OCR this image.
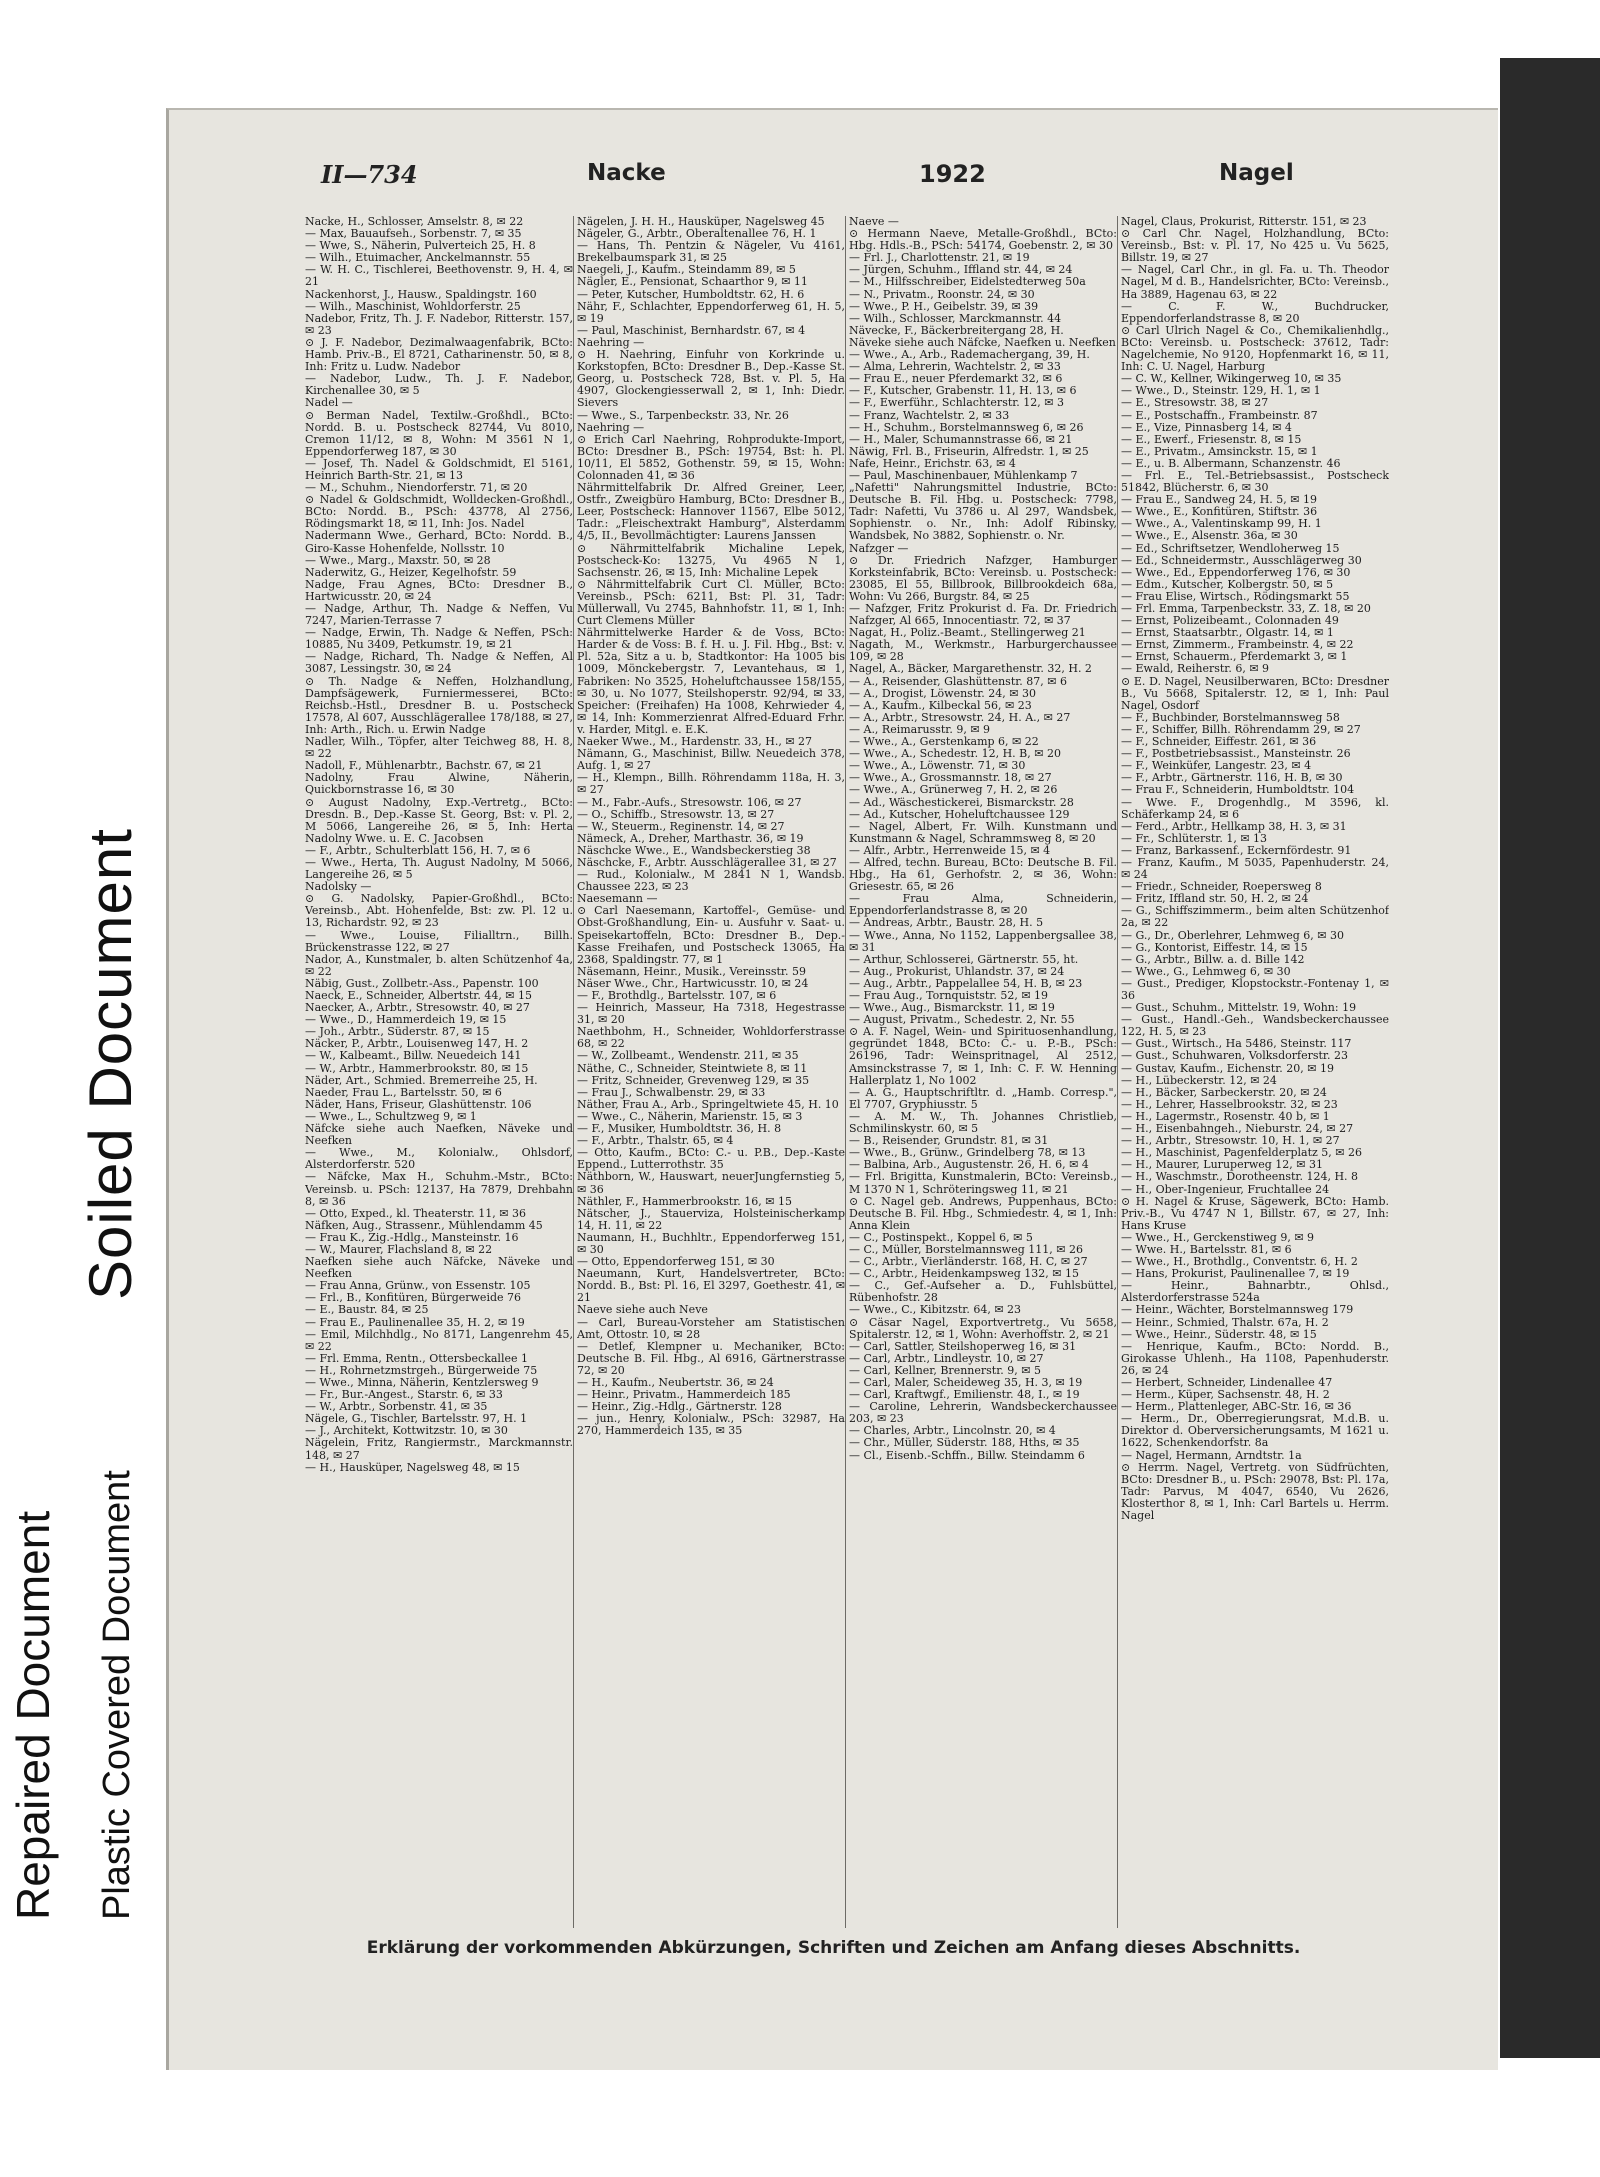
Soiled Document
Repaired Document Plastic Covered Document
II—734	Nacke	1922	Nagel
Nacke, H., Schlosser, Amselstr. 8, ✉ 22
— Max, Bauaufseh., Sorbenstr. 7, ✉ 35
— Wwe, S., Näherin, Pulverteich 25, H. 8
— Wilh., Etuimacher, Anckelmannstr. 55
— W. H. C., Tischlerei, Beethovenstr. 9, H. 4, ✉ 21
Nackenhorst, J., Hausw., Spaldingstr. 160
— Wilh., Maschinist, Wohldorferstr. 25
Nadebor, Fritz, Th. J. F. Nadebor, Ritterstr. 157, ✉ 23
⊙ J. F. Nadebor, Dezimalwaagenfabrik, BCto: Hamb. Priv.-B., El 8721, Catharinenstr. 50, ✉ 8, Inh: Fritz u. Ludw. Nadebor
— Nadebor, Ludw., Th. J. F. Nadebor, Kirchenallee 30, ✉ 5
Nadel —
⊙ Berman Nadel, Textilw.-Großhdl., BCto: Nordd. B. u. Postscheck 82744, Vu 8010, Cremon 11/12, ✉ 8, Wohn: M 3561 N 1, Eppendorferweg 187, ✉ 30
— Josef, Th. Nadel & Goldschmidt, El 5161, Heinrich Barth-Str. 21, ✉ 13
— M., Schuhm., Niendorferstr. 71, ✉ 20
⊙ Nadel & Goldschmidt, Wolldecken-Großhdl., BCto: Nordd. B., PSch: 43778, Al 2756, Rödingsmarkt 18, ✉ 11, Inh: Jos. Nadel
Nadermann Wwe., Gerhard, BCto: Nordd. B., Giro-Kasse Hohenfelde, Nollsstr. 10
— Wwe., Marg., Maxstr. 50, ✉ 28
Naderwitz, G., Heizer, Kegelhofstr. 59
Nadge, Frau Agnes, BCto: Dresdner B., Hartwicusstr. 20, ✉ 24
— Nadge, Arthur, Th. Nadge & Neffen, Vu 7247, Marien-Terrasse 7
— Nadge, Erwin, Th. Nadge & Neffen, PSch: 10885, Nu 3409, Petkumstr. 19, ✉ 21
— Nadge, Richard, Th. Nadge & Neffen, Al 3087, Lessingstr. 30, ✉ 24
⊙ Th. Nadge & Neffen, Holzhandlung, Dampfsägewerk, Furniermesserei, BCto: Reichsb.-Hstl., Dresdner B. u. Postscheck 17578, Al 607, Ausschlägerallee 178/188, ✉ 27, Inh: Arth., Rich. u. Erwin Nadge
Nadler, Wilh., Töpfer, alter Teichweg 88, H. 8, ✉ 22
Nadoll, F., Mühlenarbtr., Bachstr. 67, ✉ 21
Nadolny, Frau Alwine, Näherin, Quickbornstrasse 16, ✉ 30
⊙ August Nadolny, Exp.-Vertretg., BCto: Dresdn. B., Dep.-Kasse St. Georg, Bst: v. Pl. 2, M 5066, Langereihe 26, ✉ 5, Inh: Herta Nadolny Wwe. u. E. C. Jacobsen
— F., Arbtr., Schulterblatt 156, H. 7, ✉ 6
— Wwe., Herta, Th. August Nadolny, M 5066, Langereihe 26, ✉ 5
Nadolsky —
⊙ G. Nadolsky, Papier-Großhdl., BCto: Vereinsb., Abt. Hohenfelde, Bst: zw. Pl. 12 u. 13, Richardstr. 92, ✉ 23
— Wwe., Louise, Filialltrn., Billh. Brückenstrasse 122, ✉ 27
Nador, A., Kunstmaler, b. alten Schützenhof 4a, ✉ 22
Näbig, Gust., Zollbetr.-Ass., Papenstr. 100
Naeck, E., Schneider, Albertstr. 44, ✉ 15
Naecker, A., Arbtr., Stresowstr. 40, ✉ 27
— Wwe., D., Hammerdeich 19, ✉ 15
— Joh., Arbtr., Süderstr. 87, ✉ 15
Näcker, P., Arbtr., Louisenweg 147, H. 2
— W., Kalbeamt., Billw. Neuedeich 141
— W., Arbtr., Hammerbrookstr. 80, ✉ 15
Näder, Art., Schmied. Bremerreihe 25, H.
Naeder, Frau L., Bartelsstr. 50, ✉ 6
Näder, Hans, Friseur, Glashüttenstr. 106
— Wwe., L., Schultzweg 9, ✉ 1
Näfcke siehe auch Naefken, Näveke und Neefken
— Wwe., M., Kolonialw., Ohlsdorf, Alsterdorferstr. 520
— Näfcke, Max H., Schuhm.-Mstr., BCto: Vereinsb. u. PSch: 12137, Ha 7879, Drehbahn 8, ✉ 36
— Otto, Exped., kl. Theaterstr. 11, ✉ 36
Näfken, Aug., Strassenr., Mühlendamm 45
— Frau K., Zig.-Hdlg., Mansteinstr. 16
— W., Maurer, Flachsland 8, ✉ 22
Naefken siehe auch Näfcke, Näveke und Neefken
— Frau Anna, Grünw., von Essenstr. 105
— Frl., B., Konfitüren, Bürgerweide 76
— E., Baustr. 84, ✉ 25
— Frau E., Paulinenallee 35, H. 2, ✉ 19
— Emil, Milchhdlg., No 8171, Langenrehm 45, ✉ 22
— Frl. Emma, Rentn., Ottersbeckallee 1
— H., Rohrnetzmstrgeh., Bürgerweide 75
— Wwe., Minna, Näherin, Kentzlersweg 9
— Fr., Bur.-Angest., Starstr. 6, ✉ 33
— W., Arbtr., Sorbenstr. 41, ✉ 35
Nägele, G., Tischler, Bartelsstr. 97, H. 1
— J., Architekt, Kottwitzstr. 10, ✉ 30
Nägelein, Fritz, Rangiermstr., Marckmannstr. 148, ✉ 27
— H., Hausküper, Nagelsweg 48, ✉ 15
Nägelen, J. H. H., Hausküper, Nagelsweg 45
Nägeler, G., Arbtr., Oberaltenallee 76, H. 1
— Hans, Th. Pentzin & Nägeler, Vu 4161, Brekelbaumspark 31, ✉ 25
Naegeli, J., Kaufm., Steindamm 89, ✉ 5
Nägler, E., Pensionat, Schaarthor 9, ✉ 11
— Peter, Kutscher, Humboldtstr. 62, H. 6
Nähr, F., Schlachter, Eppendorferweg 61, H. 5, ✉ 19
— Paul, Maschinist, Bernhardstr. 67, ✉ 4
Naehring —
⊙ H. Naehring, Einfuhr von Korkrinde u. Korkstopfen, BCto: Dresdner B., Dep.-Kasse St. Georg, u. Postscheck 728, Bst. v. Pl. 5, Ha 4907, Glockengiesserwall 2, ✉ 1, Inh: Diedr. Sievers
— Wwe., S., Tarpenbeckstr. 33, Nr. 26
Naehring —
⊙ Erich Carl Naehring, Rohprodukte-Import, BCto: Dresdner B., PSch: 19754, Bst: h. Pl. 10/11, El 5852, Gothenstr. 59, ✉ 15, Wohn: Colonnaden 41, ✉ 36
Nährmittelfabrik Dr. Alfred Greiner, Leer, Ostfr., Zweigbüro Hamburg, BCto: Dresdner B., Leer, Postscheck: Hannover 11567, Elbe 5012, Tadr.: „Fleischextrakt Hamburg", Alsterdamm 4/5, II., Bevollmächtigter: Laurens Janssen
⊙ Nährmittelfabrik Michaline Lepek, Postscheck-Ko: 13275, Vu 4965 N 1, Sachsenstr. 26, ✉ 15, Inh: Michaline Lepek
⊙ Nährmittelfabrik Curt Cl. Müller, BCto: Vereinsb., PSch: 6211, Bst: Pl. 31, Tadr: Müllerwall, Vu 2745, Bahnhofstr. 11, ✉ 1, Inh: Curt Clemens Müller
Nährmittelwerke Harder & de Voss, BCto: Harder & de Voss: B. f. H. u. J. Fil. Hbg., Bst: v. Pl. 52a, Sitz a u. b, Stadtkontor: Ha 1005 bis 1009, Mönckebergstr. 7, Levantehaus, ✉ 1, Fabriken: No 3525, Hoheluftchaussee 158/155, ✉ 30, u. No 1077, Steilshoperstr. 92/94, ✉ 33, Speicher: (Freihafen) Ha 1008, Kehrwieder 4, ✉ 14, Inh: Kommerzienrat Alfred-Eduard Frhr. v. Harder, Mitgl. e. E.K.
Naeker Wwe., M., Hardenstr. 33, H., ✉ 27
Nämann, G., Maschinist, Billw. Neuedeich 378, Aufg. 1, ✉ 27
— H., Klempn., Billh. Röhrendamm 118a, H. 3, ✉ 27
— M., Fabr.-Aufs., Stresowstr. 106, ✉ 27
— O., Schiffb., Stresowstr. 13, ✉ 27
— W., Steuerm., Reginenstr. 14, ✉ 27
Nämeck, A., Dreher, Marthastr. 36, ✉ 19
Näschcke Wwe., E., Wandsbeckerstieg 38
Näschcke, F., Arbtr. Ausschlägerallee 31, ✉ 27
— Rud., Kolonialw., M 2841 N 1, Wandsb. Chaussee 223, ✉ 23
Naesemann —
⊙ Carl Naesemann, Kartoffel-, Gemüse- und Obst-Großhandlung, Ein- u. Ausfuhr v. Saat- u. Speisekartoffeln, BCto: Dresdner B., Dep.-Kasse Freihafen, und Postscheck 13065, Ha 2368, Spaldingstr. 77, ✉ 1
Näsemann, Heinr., Musik., Vereinsstr. 59
Näser Wwe., Chr., Hartwicusstr. 10, ✉ 24
— F., Brothdlg., Bartelsstr. 107, ✉ 6
— Heinrich, Masseur, Ha 7318, Hegestrasse 31, ✉ 20
Naethbohm, H., Schneider, Wohldorferstrasse 68, ✉ 22
— W., Zollbeamt., Wendenstr. 211, ✉ 35
Näthe, C., Schneider, Steintwiete 8, ✉ 11
— Fritz, Schneider, Grevenweg 129, ✉ 35
— Frau J., Schwalbenstr. 29, ✉ 33
Näther, Frau A., Arb., Springeltwiete 45, H. 10
— Wwe., C., Näherin, Marienstr. 15, ✉ 3
— F., Musiker, Humboldtstr. 36, H. 8
— F., Arbtr., Thalstr. 65, ✉ 4
— Otto, Kaufm., BCto: C.- u. P.B., Dep.-Kaste Eppend., Lutterrothstr. 35
Näthborn, W., Hauswart, neuerJungfernstieg 5, ✉ 36
Näthler, F., Hammerbrookstr. 16, ✉ 15
Nätscher, J., Stauerviza, Holsteinischerkamp 14, H. 11, ✉ 22
Naumann, H., Buchhltr., Eppendorferweg 151, ✉ 30
— Otto, Eppendorferweg 151, ✉ 30
Naeumann, Kurt, Handelsvertreter, BCto: Nordd. B., Bst: Pl. 16, El 3297, Goethestr. 41, ✉ 21
Naeve siehe auch Neve
— Carl, Bureau-Vorsteher am Statistischen Amt, Ottostr. 10, ✉ 28
— Detlef, Klempner u. Mechaniker, BCto: Deutsche B. Fil. Hbg., Al 6916, Gärtnerstrasse 72, ✉ 20
— H., Kaufm., Neubertstr. 36, ✉ 24
— Heinr., Privatm., Hammerdeich 185
— Heinr., Zig.-Hdlg., Gärtnerstr. 128
— jun., Henry, Kolonialw., PSch: 32987, Ha 270, Hammerdeich 135, ✉ 35
Naeve —
⊙ Hermann Naeve, Metalle-Großhdl., BCto: Hbg. Hdls.-B., PSch: 54174, Goebenstr. 2, ✉ 30
— Frl. J., Charlottenstr. 21, ✉ 19
— Jürgen, Schuhm., Iffland str. 44, ✉ 24
— M., Hilfsschreiber, Eidelstedterweg 50a
— N., Privatm., Roonstr. 24, ✉ 30
— Wwe., P. H., Geibelstr. 39, ✉ 39
— Wilh., Schlosser, Marckmannstr. 44
Nävecke, F., Bäckerbreitergang 28, H.
Näveke siehe auch Näfcke, Naefken u. Neefken
— Wwe., A., Arb., Rademachergang, 39, H.
— Alma, Lehrerin, Wachtelstr. 2, ✉ 33
— Frau E., neuer Pferdemarkt 32, ✉ 6
— F., Kutscher, Grabenstr. 11, H. 13, ✉ 6
— F., Ewerführ., Schlachterstr. 12, ✉ 3
— Franz, Wachtelstr. 2, ✉ 33
— H., Schuhm., Borstelmannsweg 6, ✉ 26
— H., Maler, Schumannstrasse 66, ✉ 21
Näwig, Frl. B., Friseurin, Alfredstr. 1, ✉ 25
Nafe, Heinr., Erichstr. 63, ✉ 4
— Paul, Maschinenbauer, Mühlenkamp 7
„Nafetti" Nahrungsmittel Industrie, BCto: Deutsche B. Fil. Hbg. u. Postscheck: 7798, Tadr: Nafetti, Vu 3786 u. Al 297, Wandsbek, Sophienstr. o. Nr., Inh: Adolf Ribinsky, Wandsbek, No 3882, Sophienstr. o. Nr.
Nafzger —
⊙ Dr. Friedrich Nafzger, Hamburger Korksteinfabrik, BCto: Vereinsb. u. Postscheck: 23085, El 55, Billbrook, Billbrookdeich 68a, Wohn: Vu 266, Burgstr. 84, ✉ 25
— Nafzger, Fritz Prokurist d. Fa. Dr. Friedrich Nafzger, Al 665, Innocentiastr. 72, ✉ 37
Nagat, H., Poliz.-Beamt., Stellingerweg 21
Nagath, M., Werkmstr., Harburgerchaussee 109, ✉ 28
Nagel, A., Bäcker, Margarethenstr. 32, H. 2
— A., Reisender, Glashüttenstr. 87, ✉ 6
— A., Drogist, Löwenstr. 24, ✉ 30
— A., Kaufm., Kilbeckal 56, ✉ 23
— A., Arbtr., Stresowstr. 24, H. A., ✉ 27
— A., Reimarusstr. 9, ✉ 9
— Wwe., A., Gerstenkamp 6, ✉ 22
— Wwe., A., Schedestr. 12, H. B, ✉ 20
— Wwe., A., Löwenstr. 71, ✉ 30
— Wwe., A., Grossmannstr. 18, ✉ 27
— Wwe., A., Grünerweg 7, H. 2, ✉ 26
— Ad., Wäschestickerei, Bismarckstr. 28
— Ad., Kutscher, Hoheluftchaussee 129
— Nagel, Albert, Fr. Wilh. Kunstmann und Kunstmann & Nagel, Schrammsweg 8, ✉ 20
— Alfr., Arbtr., Herrenweide 15, ✉ 4
— Alfred, techn. Bureau, BCto: Deutsche B. Fil. Hbg., Ha 61, Gerhofstr. 2, ✉ 36, Wohn: Griesestr. 65, ✉ 26
— Frau Alma, Schneiderin, Eppendorferlandstrasse 8, ✉ 20
— Andreas, Arbtr., Baustr. 28, H. 5
— Wwe., Anna, No 1152, Lappenbergsallee 38, ✉ 31
— Arthur, Schlosserei, Gärtnerstr. 55, ht.
— Aug., Prokurist, Uhlandstr. 37, ✉ 24
— Aug., Arbtr., Pappelallee 54, H. B, ✉ 23
— Frau Aug., Tornquiststr. 52, ✉ 19
— Wwe., Aug., Bismarckstr. 11, ✉ 19
— August, Privatm., Schedestr. 2, Nr. 55
⊙ A. F. Nagel, Wein- und Spirituosenhandlung, gegründet 1848, BCto: C.- u. P.-B., PSch: 26196, Tadr: Weinspritnagel, Al 2512, Amsinckstrasse 7, ✉ 1, Inh: C. F. W. Henning Hallerplatz 1, No 1002
— A. G., Hauptschriftltr. d. „Hamb. Corresp.", El 7707, Gryphiusstr. 5
— A. M. W., Th. Johannes Christlieb, Schmilinskystr. 60, ✉ 5
— B., Reisender, Grundstr. 81, ✉ 31
— Wwe., B., Grünw., Grindelberg 78, ✉ 13
— Balbina, Arb., Augustenstr. 26, H. 6, ✉ 4
— Frl. Brigitta, Kunstmalerin, BCto: Vereinsb., M 1370 N 1, Schröteringsweg 11, ✉ 21
⊙ C. Nagel geb. Andrews, Puppenhaus, BCto: Deutsche B. Fil. Hbg., Schmiedestr. 4, ✉ 1, Inh: Anna Klein
— C., Postinspekt., Koppel 6, ✉ 5
— C., Müller, Borstelmannsweg 111, ✉ 26
— C., Arbtr., Vierländerstr. 168, H. C, ✉ 27
— C., Arbtr., Heidenkampsweg 132, ✉ 15
— C., Gef.-Aufseher a. D., Fuhlsbüttel, Rübenhofstr. 28
— Wwe., C., Kibitzstr. 64, ✉ 23
⊙ Cäsar Nagel, Exportvertretg., Vu 5658, Spitalerstr. 12, ✉ 1, Wohn: Averhoffstr. 2, ✉ 21
— Carl, Sattler, Steilshoperweg 16, ✉ 31
— Carl, Arbtr., Lindleystr. 10, ✉ 27
— Carl, Kellner, Brennerstr. 9, ✉ 5
— Carl, Maler, Scheideweg 35, H. 3, ✉ 19
— Carl, Kraftwgf., Emilienstr. 48, I., ✉ 19
— Caroline, Lehrerin, Wandsbeckerchaussee 203, ✉ 23
— Charles, Arbtr., Lincolnstr. 20, ✉ 4
— Chr., Müller, Süderstr. 188, Hths, ✉ 35
— Cl., Eisenb.-Schffn., Billw. Steindamm 6
Nagel, Claus, Prokurist, Ritterstr. 151, ✉ 23
⊙ Carl Chr. Nagel, Holzhandlung, BCto: Vereinsb., Bst: v. Pl. 17, No 425 u. Vu 5625, Billstr. 19, ✉ 27
— Nagel, Carl Chr., in gl. Fa. u. Th. Theodor Nagel, M d. B., Handelsrichter, BCto: Vereinsb., Ha 3889, Hagenau 63, ✉ 22
— C. F. W., Buchdrucker, Eppendorferlandstrasse 8, ✉ 20
⊙ Carl Ulrich Nagel & Co., Chemikalienhdlg., BCto: Vereinsb. u. Postscheck: 37612, Tadr: Nagelchemie, No 9120, Hopfenmarkt 16, ✉ 11, Inh: C. U. Nagel, Harburg
— C. W., Kellner, Wikingerweg 10, ✉ 35
— Wwe., D., Steinstr. 129, H. 1, ✉ 1
— E., Stresowstr. 38, ✉ 27
— E., Postschaffn., Frambeinstr. 87
— E., Vize, Pinnasberg 14, ✉ 4
— E., Ewerf., Friesenstr. 8, ✉ 15
— E., Privatm., Amsinckstr. 15, ✉ 1
— E., u. B. Albermann, Schanzenstr. 46
— Frl. E., Tel.-Betriebsassist., Postscheck 51842, Blücherstr. 6, ✉ 30
— Frau E., Sandweg 24, H. 5, ✉ 19
— Wwe., E., Konfitüren, Stiftstr. 36
— Wwe., A., Valentinskamp 99, H. 1
— Wwe., E., Alsenstr. 36a, ✉ 30
— Ed., Schriftsetzer, Wendloherweg 15
— Ed., Schneidermstr., Ausschlägerweg 30
— Wwe., Ed., Eppendorferweg 176, ✉ 30
— Edm., Kutscher, Kolbergstr. 50, ✉ 5
— Frau Elise, Wirtsch., Rödingsmarkt 55
— Frl. Emma, Tarpenbeckstr. 33, Z. 18, ✉ 20
— Ernst, Polizeibeamt., Colonnaden 49
— Ernst, Staatsarbtr., Olgastr. 14, ✉ 1
— Ernst, Zimmerm., Frambeinstr. 4, ✉ 22
— Ernst, Schauerm., Pferdemarkt 3, ✉ 1
— Ewald, Reiherstr. 6, ✉ 9
⊙ E. D. Nagel, Neusilberwaren, BCto: Dresdner B., Vu 5668, Spitalerstr. 12, ✉ 1, Inh: Paul Nagel, Osdorf
— F., Buchbinder, Borstelmannsweg 58
— F., Schiffer, Billh. Röhrendamm 29, ✉ 27
— F., Schneider, Eiffestr. 261, ✉ 36
— F., Postbetriebsassist., Mansteinstr. 26
— F., Weinküfer, Langestr. 23, ✉ 4
— F., Arbtr., Gärtnerstr. 116, H. B, ✉ 30
— Frau F., Schneiderin, Humboldtstr. 104
— Wwe. F., Drogenhdlg., M 3596, kl. Schäferkamp 24, ✉ 6
— Ferd., Arbtr., Hellkamp 38, H. 3, ✉ 31
— Fr., Schlüterstr. 1, ✉ 13
— Franz, Barkassenf., Eckernfördestr. 91
— Franz, Kaufm., M 5035, Papenhuderstr. 24, ✉ 24
— Friedr., Schneider, Roepersweg 8
— Fritz, Iffland str. 50, H. 2, ✉ 24
— G., Schiffszimmerm., beim alten Schützenhof 2a, ✉ 22
— G., Dr., Oberlehrer, Lehmweg 6, ✉ 30
— G., Kontorist, Eiffestr. 14, ✉ 15
— G., Arbtr., Billw. a. d. Bille 142
— Wwe., G., Lehmweg 6, ✉ 30
— Gust., Prediger, Klopstockstr.-Fontenay 1, ✉ 36
— Gust., Schuhm., Mittelstr. 19, Wohn: 19
— Gust., Handl.-Geh., Wandsbeckerchaussee 122, H. 5, ✉ 23
— Gust., Wirtsch., Ha 5486, Steinstr. 117
— Gust., Schuhwaren, Volksdorferstr. 23
— Gustav, Kaufm., Eichenstr. 20, ✉ 19
— H., Lübeckerstr. 12, ✉ 24
— H., Bäcker, Sarbeckerstr. 20, ✉ 24
— H., Lehrer, Hasselbrookstr. 32, ✉ 23
— H., Lagermstr., Rosenstr. 40 b, ✉ 1
— H., Eisenbahngeh., Nieburstr. 24, ✉ 27
— H., Arbtr., Stresowstr. 10, H. 1, ✉ 27
— H., Maschinist, Pagenfelderplatz 5, ✉ 26
— H., Maurer, Luruperweg 12, ✉ 31
— H., Waschmstr., Dorotheenstr. 124, H. 8
— H., Ober-Ingenieur, Fruchtallee 24
⊙ H. Nagel & Kruse, Sägewerk, BCto: Hamb. Priv.-B., Vu 4747 N 1, Billstr. 67, ✉ 27, Inh: Hans Kruse
— Wwe., H., Gerckenstiweg 9, ✉ 9
— Wwe. H., Bartelsstr. 81, ✉ 6
— Wwe., H., Brothdlg., Conventstr. 6, H. 2
— Hans, Prokurist, Paulinenallee 7, ✉ 19
— Heinr., Bahnarbtr., Ohlsd., Alsterdorferstrasse 524a
— Heinr., Wächter, Borstelmannsweg 179
— Heinr., Schmied, Thalstr. 67a, H. 2
— Wwe., Heinr., Süderstr. 48, ✉ 15
— Henrique, Kaufm., BCto: Nordd. B., Girokasse Uhlenh., Ha 1108, Papenhuderstr. 26, ✉ 24
— Herbert, Schneider, Lindenallee 47
— Herm., Küper, Sachsenstr. 48, H. 2
— Herm., Plattenleger, ABC-Str. 16, ✉ 36
— Herm., Dr., Oberregierungsrat, M.d.B. u. Direktor d. Oberversicherungsamts, M 1621 u. 1622, Schenkendorfstr. 8a
— Nagel, Hermann, Arndtstr. 1a
⊙ Herrm. Nagel, Vertretg. von Südfrüchten, BCto: Dresdner B., u. PSch: 29078, Bst: Pl. 17a, Tadr: Parvus, M 4047, 6540, Vu 2626, Klosterthor 8, ✉ 1, Inh: Carl Bartels u. Herrm. Nagel
Erklärung der vorkommenden Abkürzungen, Schriften und Zeichen am Anfang dieses Abschnitts.
